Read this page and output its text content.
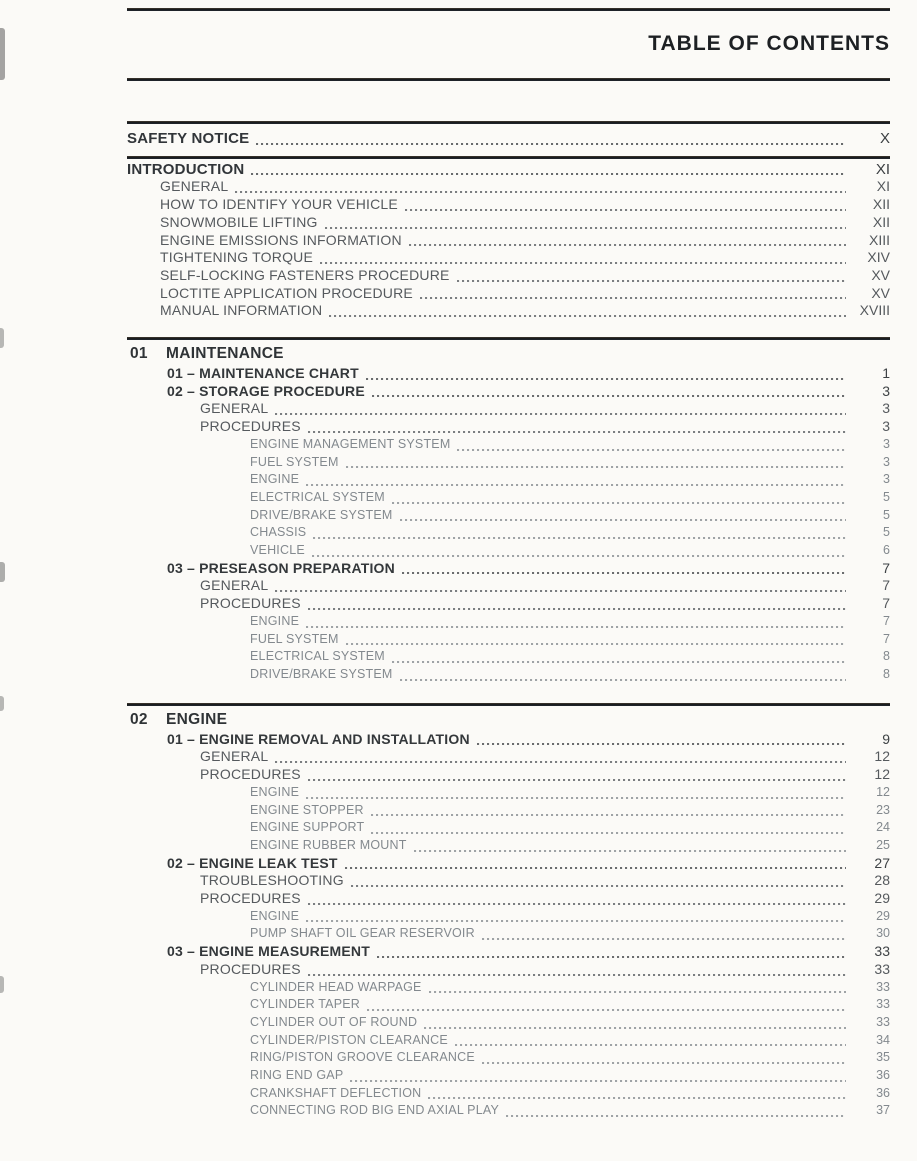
TABLE OF CONTENTS
SAFETY NOTICE	X
INTRODUCTION	XI
GENERAL	XI
HOW TO IDENTIFY YOUR VEHICLE	XII
SNOWMOBILE LIFTING	XII
ENGINE EMISSIONS INFORMATION	XIII
TIGHTENING TORQUE	XIV
SELF-LOCKING FASTENERS PROCEDURE	XV
LOCTITE APPLICATION PROCEDURE	XV
MANUAL INFORMATION	XVIII
01	MAINTENANCE
01 – MAINTENANCE CHART	1
02 – STORAGE PROCEDURE	3
GENERAL	3
PROCEDURES	3
ENGINE MANAGEMENT SYSTEM	3
FUEL SYSTEM	3
ENGINE	3
ELECTRICAL SYSTEM	5
DRIVE/BRAKE SYSTEM	5
CHASSIS	5
VEHICLE	6
03 – PRESEASON PREPARATION	7
GENERAL	7
PROCEDURES	7
ENGINE	7
FUEL SYSTEM	7
ELECTRICAL SYSTEM	8
DRIVE/BRAKE SYSTEM	8
02	ENGINE
01 – ENGINE REMOVAL AND INSTALLATION	9
GENERAL	12
PROCEDURES	12
ENGINE	12
ENGINE STOPPER	23
ENGINE SUPPORT	24
ENGINE RUBBER MOUNT	25
02 – ENGINE LEAK TEST	27
TROUBLESHOOTING	28
PROCEDURES	29
ENGINE	29
PUMP SHAFT OIL GEAR RESERVOIR	30
03 – ENGINE MEASUREMENT	33
PROCEDURES	33
CYLINDER HEAD WARPAGE	33
CYLINDER TAPER	33
CYLINDER OUT OF ROUND	33
CYLINDER/PISTON CLEARANCE	34
RING/PISTON GROOVE CLEARANCE	35
RING END GAP	36
CRANKSHAFT DEFLECTION	36
CONNECTING ROD BIG END AXIAL PLAY	37
